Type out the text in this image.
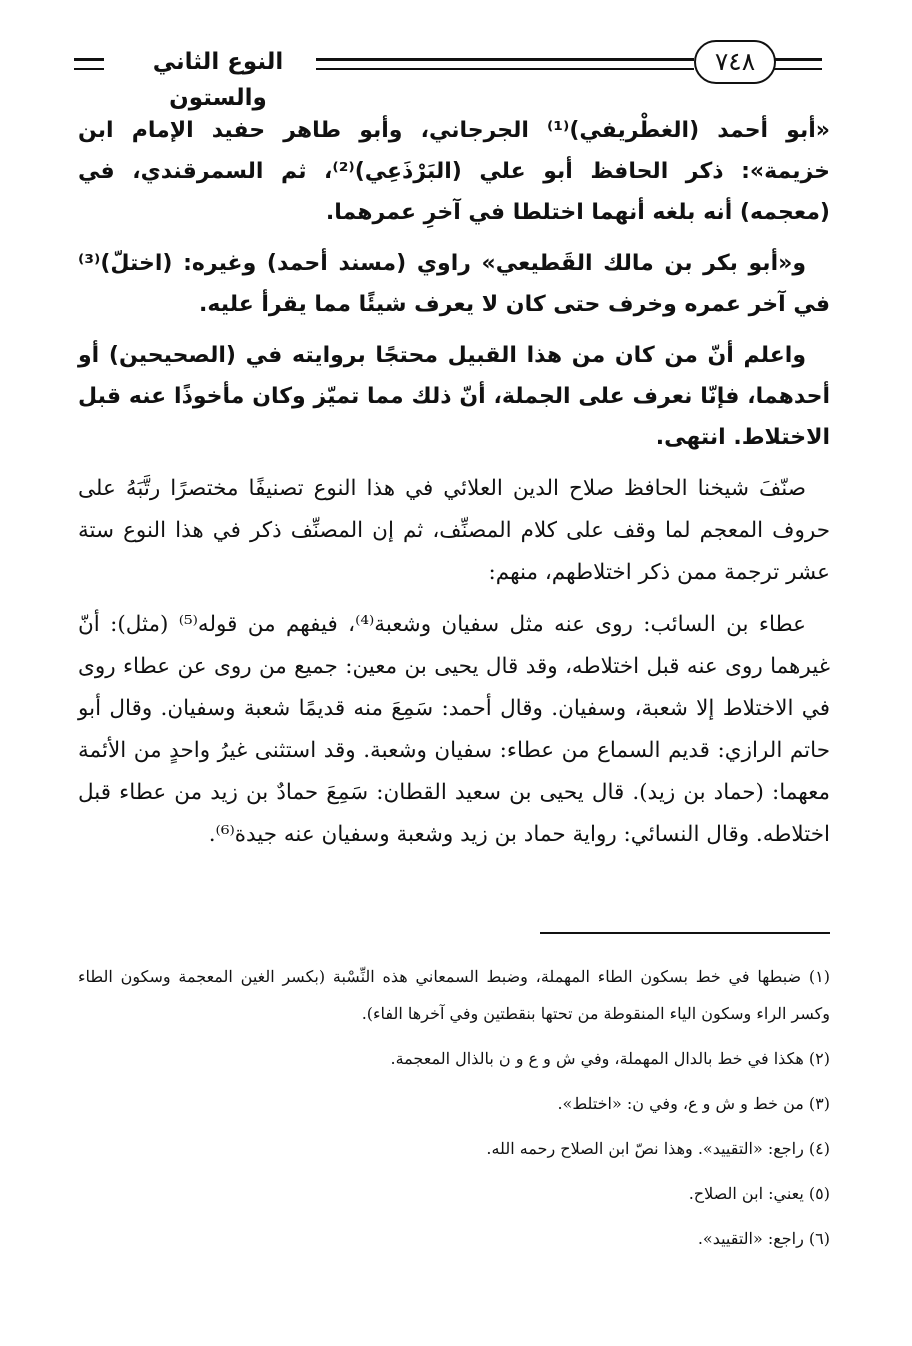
النوع الثاني والستون
٧٤٨

«أبو أحمد (الغطْريفي)⁽¹⁾ الجرجاني، وأبو طاهر حفيد الإمام ابن خزيمة»: ذكر الحافظ أبو علي (البَرْذَعِي)⁽²⁾، ثم السمرقندي، في (معجمه) أنه بلغه أنهما اختلطا في آخرِ عمرهما.

و«أبو بكر بن مالك القَطيعي» راوي (مسند أحمد) وغيره: (اختلّ)⁽³⁾ في آخر عمره وخرف حتى كان لا يعرف شيئًا مما يقرأ عليه.

واعلم أنّ من كان من هذا القبيل محتجًا بروايته في (الصحيحين) أو أحدهما، فإنّا نعرف على الجملة، أنّ ذلك مما تميّز وكان مأخوذًا عنه قبل الاختلاط. انتهى.

صنّفَ شيخنا الحافظ صلاح الدين العلائي في هذا النوع تصنيفًا مختصرًا رتَّبَهُ على حروف المعجم لما وقف على كلام المصنِّف، ثم إن المصنِّف ذكر في هذا النوع ستة عشر ترجمة ممن ذكر اختلاطهم، منهم:

عطاء بن السائب: روى عنه مثل سفيان وشعبة⁽⁴⁾، فيفهم من قوله⁽⁵⁾ (مثل): أنّ غيرهما روى عنه قبل اختلاطه، وقد قال يحيى بن معين: جميع من روى عن عطاء روى في الاختلاط إلا شعبة، وسفيان. وقال أحمد: سَمِعَ منه قديمًا شعبة وسفيان. وقال أبو حاتم الرازي: قديم السماع من عطاء: سفيان وشعبة. وقد استثنى غيرُ واحدٍ من الأئمة معهما: (حماد بن زيد). قال يحيى بن سعيد القطان: سَمِعَ حمادٌ بن زيد من عطاء قبل اختلاطه. وقال النسائي: رواية حماد بن زيد وشعبة وسفيان عنه جيدة⁽⁶⁾.

(١) ضبطها في خط بسكون الطاء المهملة، وضبط السمعاني هذه النِّسْبة (بكسر الغين المعجمة وسكون الطاء وكسر الراء وسكون الياء المنقوطة من تحتها بنقطتين وفي آخرها الفاء).

(٢) هكذا في خط بالدال المهملة، وفي ش و ع و ن بالذال المعجمة.

(٣) من خط و ش و ع، وفي ن: «اختلط».

(٤) راجع: «التقييد». وهذا نصّ ابن الصلاح رحمه الله.

(٥) يعني: ابن الصلاح.

(٦) راجع: «التقييد».
